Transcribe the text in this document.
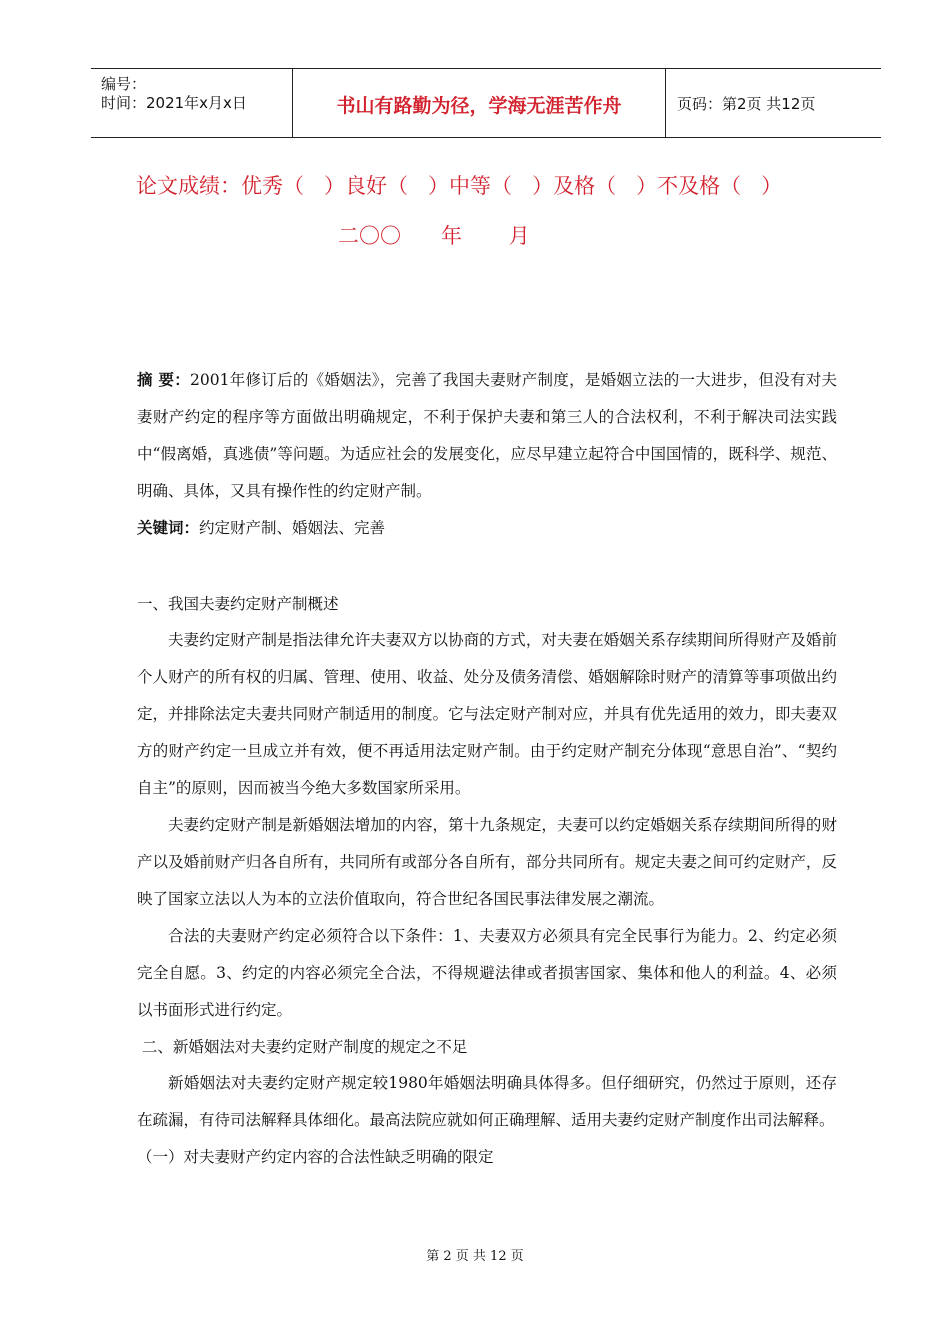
编号：
时间：2021年x月x日	书山有路勤为径，学海无涯苦作舟	页码：第2页 共12页
论文成绩：优秀（   ）良好（   ）中等（   ）及格（   ）不及格（   ）
二〇〇      年       月
摘 要：2001年修订后的《婚姻法》，完善了我国夫妻财产制度，是婚姻立法的一大进步，但没有对夫妻财产约定的程序等方面做出明确规定，不利于保护夫妻和第三人的合法权利，不利于解决司法实践中“假离婚，真逃债”等问题。为适应社会的发展变化，应尽早建立起符合中国国情的，既科学、规范、明确、具体，又具有操作性的约定财产制。
关键词：约定财产制、婚姻法、完善
一、我国夫妻约定财产制概述

夫妻约定财产制是指法律允许夫妻双方以协商的方式，对夫妻在婚姻关系存续期间所得财产及婚前个人财产的所有权的归属、管理、使用、收益、处分及债务清偿、婚姻解除时财产的清算等事项做出约定，并排除法定夫妻共同财产制适用的制度。它与法定财产制对应，并具有优先适用的效力，即夫妻双方的财产约定一旦成立并有效，便不再适用法定财产制。由于约定财产制充分体现“意思自治”、“契约自主”的原则，因而被当今绝大多数国家所采用。

夫妻约定财产制是新婚姻法增加的内容，第十九条规定，夫妻可以约定婚姻关系存续期间所得的财产以及婚前财产归各自所有，共同所有或部分各自所有，部分共同所有。规定夫妻之间可约定财产，反映了国家立法以人为本的立法价值取向，符合世纪各国民事法律发展之潮流。

合法的夫妻财产约定必须符合以下条件：1、夫妻双方必须具有完全民事行为能力。2、约定必须完全自愿。3、约定的内容必须完全合法，不得规避法律或者损害国家、集体和他人的利益。4、必须以书面形式进行约定。

二、新婚姻法对夫妻约定财产制度的规定之不足

新婚姻法对夫妻约定财产规定较1980年婚姻法明确具体得多。但仔细研究，仍然过于原则，还存在疏漏，有待司法解释具体细化。最高法院应就如何正确理解、适用夫妻约定财产制度作出司法解释。

（一）对夫妻财产约定内容的合法性缺乏明确的限定
第 2 页 共 12 页
